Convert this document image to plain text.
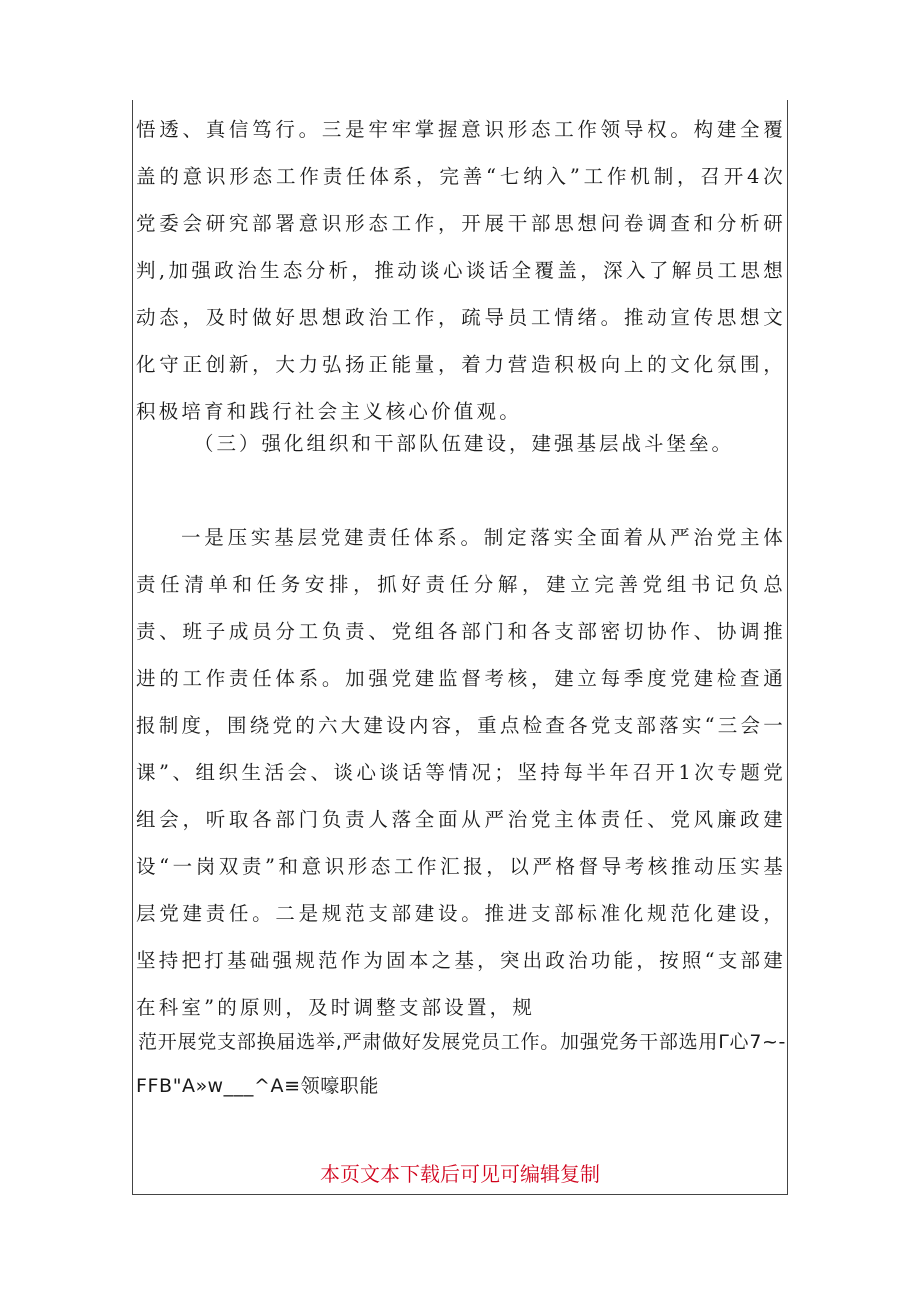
悟透、真信笃行。三是牢牢掌握意识形态工作领导权。构建全覆盖的意识形态工作责任体系，完善“七纳入”工作机制，召开4次党委会研究部署意识形态工作，开展干部思想问卷调查和分析研判,加强政治生态分析，推动谈心谈话全覆盖，深入了解员工思想动态，及时做好思想政治工作，疏导员工情绪。推动宣传思想文化守正创新，大力弘扬正能量，着力营造积极向上的文化氛围，积极培育和践行社会主义核心价值观。

（三）强化组织和干部队伍建设，建强基层战斗堡垒。

一是压实基层党建责任体系。制定落实全面着从严治党主体责任清单和任务安排，抓好责任分解，建立完善党组书记负总责、班子成员分工负责、党组各部门和各支部密切协作、协调推进的工作责任体系。加强党建监督考核，建立每季度党建检查通报制度，围绕党的六大建设内容，重点检查各党支部落实“三会一课”、组织生活会、谈心谈话等情况；坚持每半年召开1次专题党组会，听取各部门负责人落全面从严治党主体责任、党风廉政建设“一岗双责”和意识形态工作汇报，以严格督导考核推动压实基层党建责任。二是规范支部建设。推进支部标准化规范化建设，坚持把打基础强规范作为固本之基，突出政治功能，按照“支部建在科室”的原则，及时调整支部设置，规

范开展党支部换届选举,严肃做好发展党员工作。加强党务干部选用Γ心7~-FFB"A»w___^A≡领嚎职能

本页文本下载后可见可编辑复制
